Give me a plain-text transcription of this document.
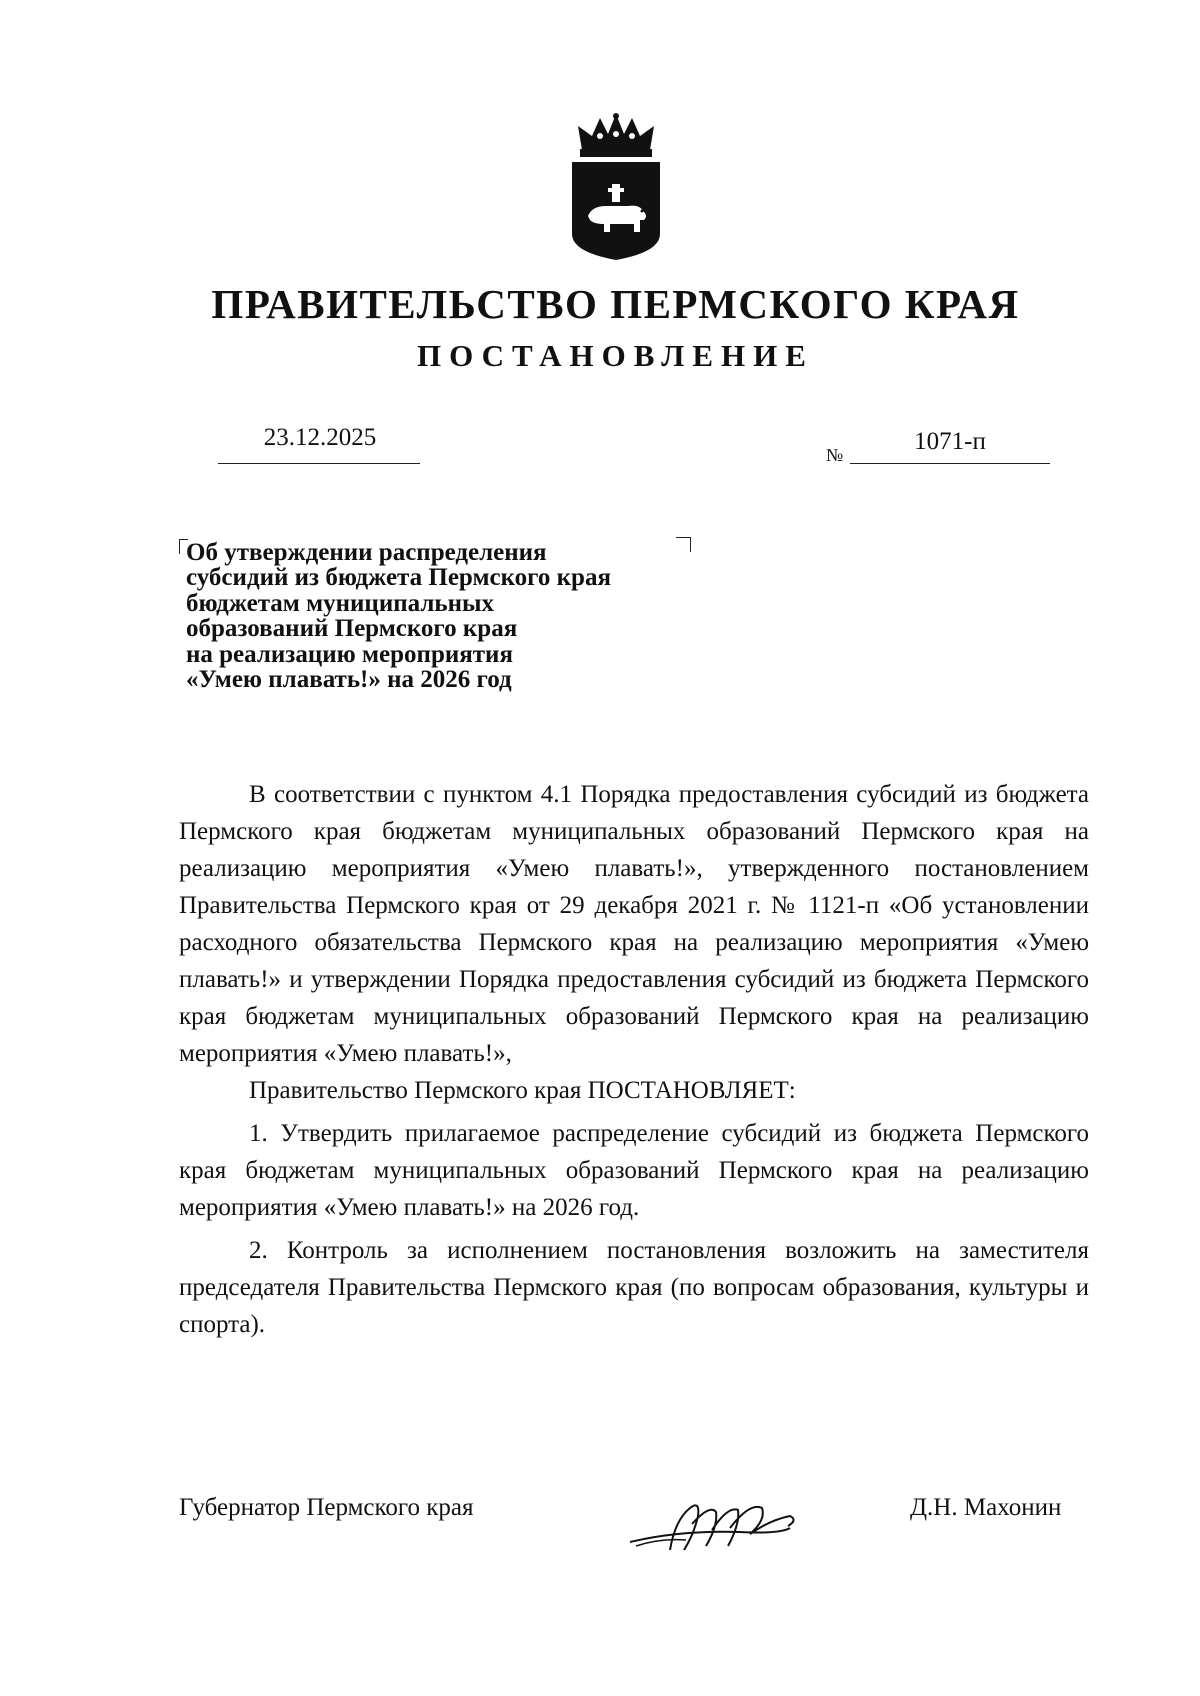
ПРАВИТЕЛЬСТВО ПЕРМСКОГО КРАЯ
ПОСТАНОВЛЕНИЕ
23.12.2025
№	1071-п
Об утверждении распределения
субсидий из бюджета Пермского края
бюджетам муниципальных
образований Пермского края
на реализацию мероприятия
«Умею плавать!» на 2026 год

В соответствии с пунктом 4.1 Порядка предоставления субсидий из бюджета Пермского края бюджетам муниципальных образований Пермского края на реализацию мероприятия «Умею плавать!», утвержденного постановлением Правительства Пермского края от 29 декабря 2021 г. № 1121-п «Об установлении расходного обязательства Пермского края на реализацию мероприятия «Умею плавать!» и утверждении Порядка предоставления субсидий из бюджета Пермского края бюджетам муниципальных образований Пермского края на реализацию мероприятия «Умею плавать!»,

Правительство Пермского края ПОСТАНОВЛЯЕТ:

1. Утвердить прилагаемое распределение субсидий из бюджета Пермского края бюджетам муниципальных образований Пермского края на реализацию мероприятия «Умею плавать!» на 2026 год.

2. Контроль за исполнением постановления возложить на заместителя председателя Правительства Пермского края (по вопросам образования, культуры и спорта).

Губернатор Пермского края	Д.Н. Махонин
